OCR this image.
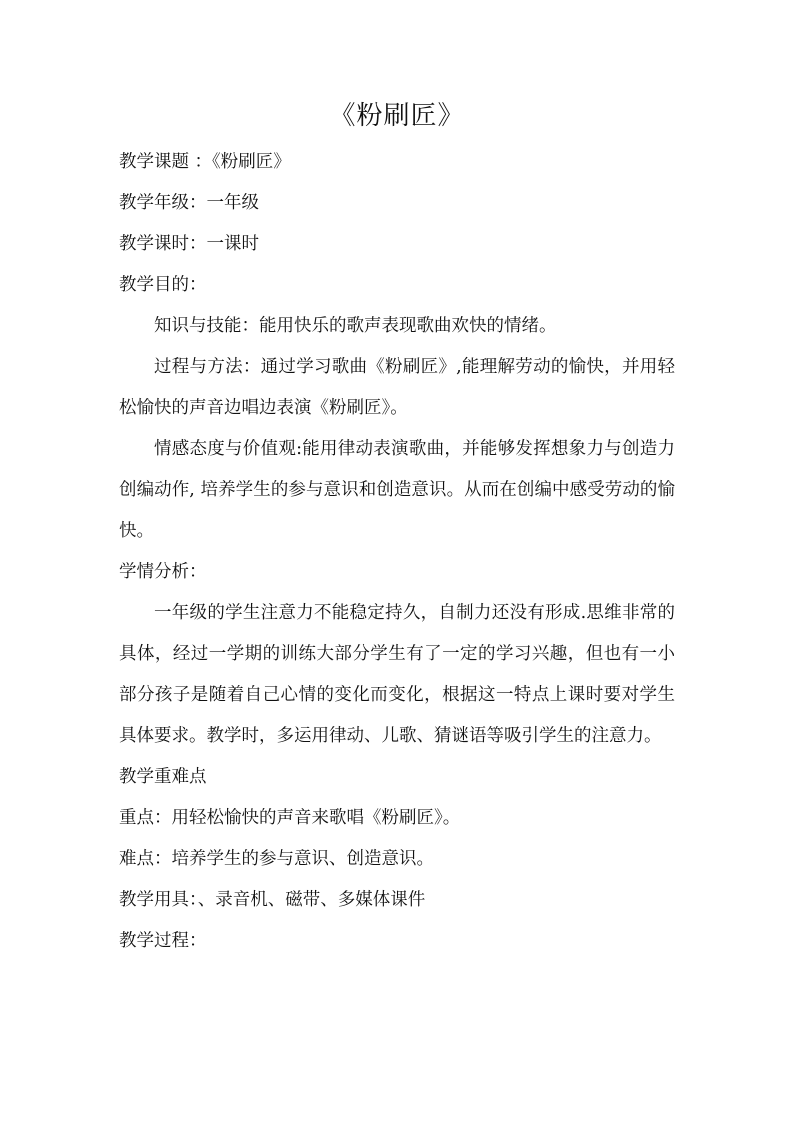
《粉刷匠》

教学课题 ：《粉刷匠》

教学年级：一年级

教学课时：一课时

教学目的：

知识与技能：能用快乐的歌声表现歌曲欢快的情绪。

过程与方法：通过学习歌曲《粉刷匠》,能理解劳动的愉快，并用轻松愉快的声音边唱边表演《粉刷匠》。

情感态度与价值观:能用律动表演歌曲，并能够发挥想象力与创造力创编动作, 培养学生的参与意识和创造意识。从而在创编中感受劳动的愉快。

学情分析：

一年级的学生注意力不能稳定持久，自制力还没有形成.思维非常的具体，经过一学期的训练大部分学生有了一定的学习兴趣，但也有一小部分孩子是随着自己心情的变化而变化，根据这一特点上课时要对学生具体要求。教学时，多运用律动、儿歌、猜谜语等吸引学生的注意力。

教学重难点

重点：用轻松愉快的声音来歌唱《粉刷匠》。

难点：培养学生的参与意识、创造意识。

教学用具：、录音机、磁带、多媒体课件

教学过程：
